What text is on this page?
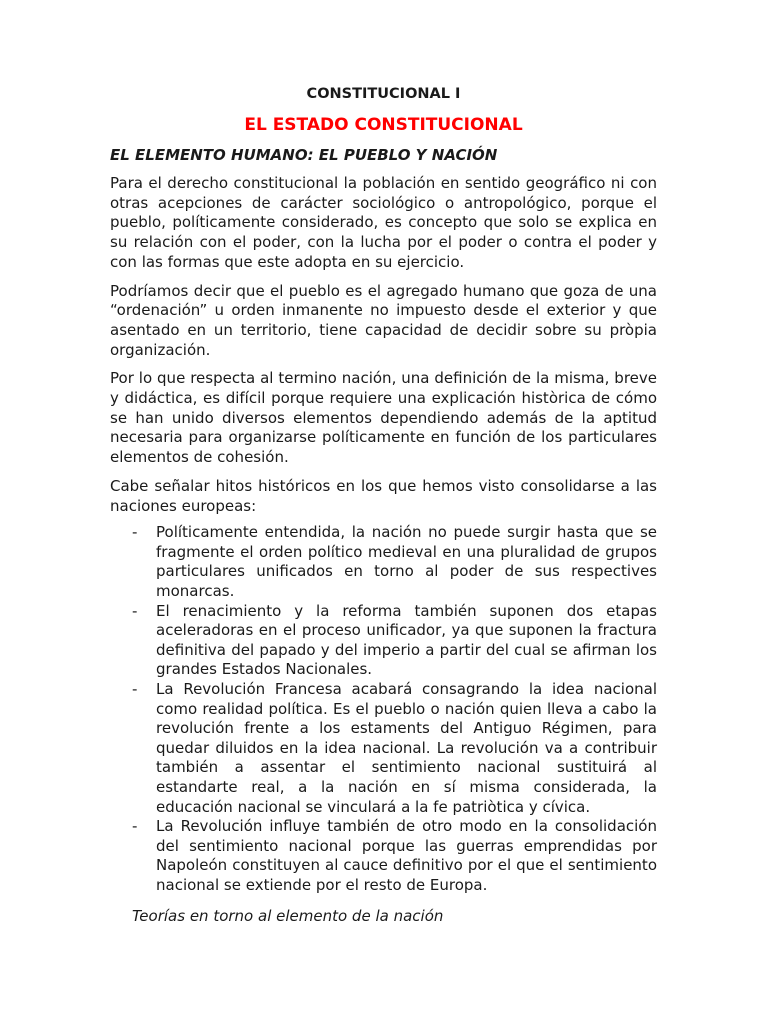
CONSTITUCIONAL I
EL ESTADO CONSTITUCIONAL
EL ELEMENTO HUMANO: EL PUEBLO Y NACIÓN

Para el derecho constitucional la población en sentido geográfico ni con otras acepciones de carácter sociológico o antropológico, porque el pueblo, políticamente considerado, es concepto que solo se explica en su relación con el poder, con la lucha por el poder o contra el poder y con las formas que este adopta en su ejercicio.

Podríamos decir que el pueblo es el agregado humano que goza de una “ordenación” u orden inmanente no impuesto desde el exterior y que asentado en un territorio, tiene capacidad de decidir sobre su pròpia organización.

Por lo que respecta al termino nación, una definición de la misma, breve y didáctica, es difícil porque requiere una explicación històrica de cómo se han unido diversos elementos dependiendo además de la aptitud necesaria para organizarse políticamente en función de los particulares elementos de cohesión.

Cabe señalar hitos históricos en los que hemos visto consolidarse a las naciones europeas:

- Políticamente entendida, la nación no puede surgir hasta que se fragmente el orden político medieval en una pluralidad de grupos particulares unificados en torno al poder de sus respectives monarcas.
- El renacimiento y la reforma también suponen dos etapas aceleradoras en el proceso unificador, ya que suponen la fractura definitiva del papado y del imperio a partir del cual se afirman los grandes Estados Nacionales.
- La Revolución Francesa acabará consagrando la idea nacional como realidad política. Es el pueblo o nación quien lleva a cabo la revolución frente a los estaments del Antiguo Régimen, para quedar diluidos en la idea nacional. La revolución va a contribuir también a assentar el sentimiento nacional sustituirá al estandarte real, a la nación en sí misma considerada, la educación nacional se vinculará a la fe patriòtica y cívica.
- La Revolución influye también de otro modo en la consolidación del sentimiento nacional porque las guerras emprendidas por Napoleón constituyen al cauce definitivo por el que el sentimiento nacional se extiende por el resto de Europa.

Teorías en torno al elemento de la nación
